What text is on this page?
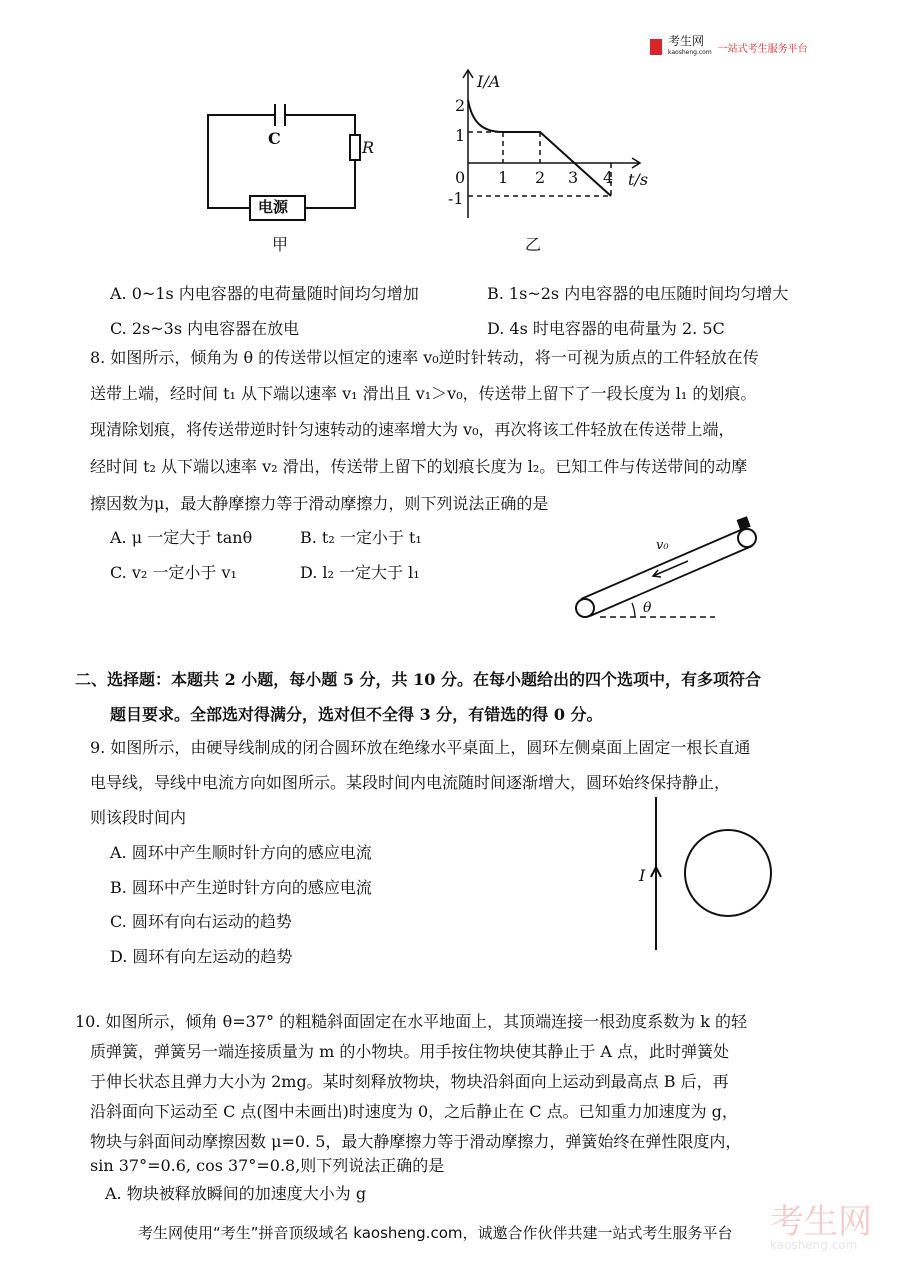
考生网
kaosheng.com 一站式考生服务平台
C	R
电源
甲
I/A
2
1
0
-1
1 2 3 4 t/s
乙
A. 0~1s 内电容器的电荷量随时间均匀增加	B. 1s~2s 内电容器的电压随时间均匀增大
C. 2s~3s 内电容器在放电	D. 4s 时电容器的电荷量为 2. 5C
8. 如图所示，倾角为 θ 的传送带以恒定的速率 v₀逆时针转动，将一可视为质点的工件轻放在传
送带上端，经时间 t₁ 从下端以速率 v₁ 滑出且 v₁＞v₀，传送带上留下了一段长度为 l₁ 的划痕。
现清除划痕，将传送带逆时针匀速转动的速率增大为 v₀，再次将该工件轻放在传送带上端，
经时间 t₂ 从下端以速率 v₂ 滑出，传送带上留下的划痕长度为 l₂。已知工件与传送带间的动摩
擦因数为μ，最大静摩擦力等于滑动摩擦力，则下列说法正确的是
A. μ 一定大于 tanθ	B. t₂ 一定小于 t₁
C. v₂ 一定小于 v₁	D. l₂ 一定大于 l₁
v₀
θ
二、选择题：本题共 2 小题，每小题 5 分，共 10 分。在每小题给出的四个选项中，有多项符合
题目要求。全部选对得满分，选对但不全得 3 分，有错选的得 0 分。
9. 如图所示，由硬导线制成的闭合圆环放在绝缘水平桌面上，圆环左侧桌面上固定一根长直通
电导线，导线中电流方向如图所示。某段时间内电流随时间逐渐增大，圆环始终保持静止，
则该段时间内
A. 圆环中产生顺时针方向的感应电流
B. 圆环中产生逆时针方向的感应电流
C. 圆环有向右运动的趋势
D. 圆环有向左运动的趋势
I
10. 如图所示，倾角 θ=37° 的粗糙斜面固定在水平地面上，其顶端连接一根劲度系数为 k 的轻
质弹簧，弹簧另一端连接质量为 m 的小物块。用手按住物块使其静止于 A 点，此时弹簧处
于伸长状态且弹力大小为 2mg。某时刻释放物块，物块沿斜面向上运动到最高点 B 后，再
沿斜面向下运动至 C 点(图中未画出)时速度为 0，之后静止在 C 点。已知重力加速度为 g，
物块与斜面间动摩擦因数 μ=0. 5，最大静摩擦力等于滑动摩擦力，弹簧始终在弹性限度内，
sin 37°=0.6, cos 37°=0.8,则下列说法正确的是
A. 物块被释放瞬间的加速度大小为 g
考生网
kaosheng.com
考生网使用“考生”拼音顶级域名 kaosheng.com，诚邀合作伙伴共建一站式考生服务平台
